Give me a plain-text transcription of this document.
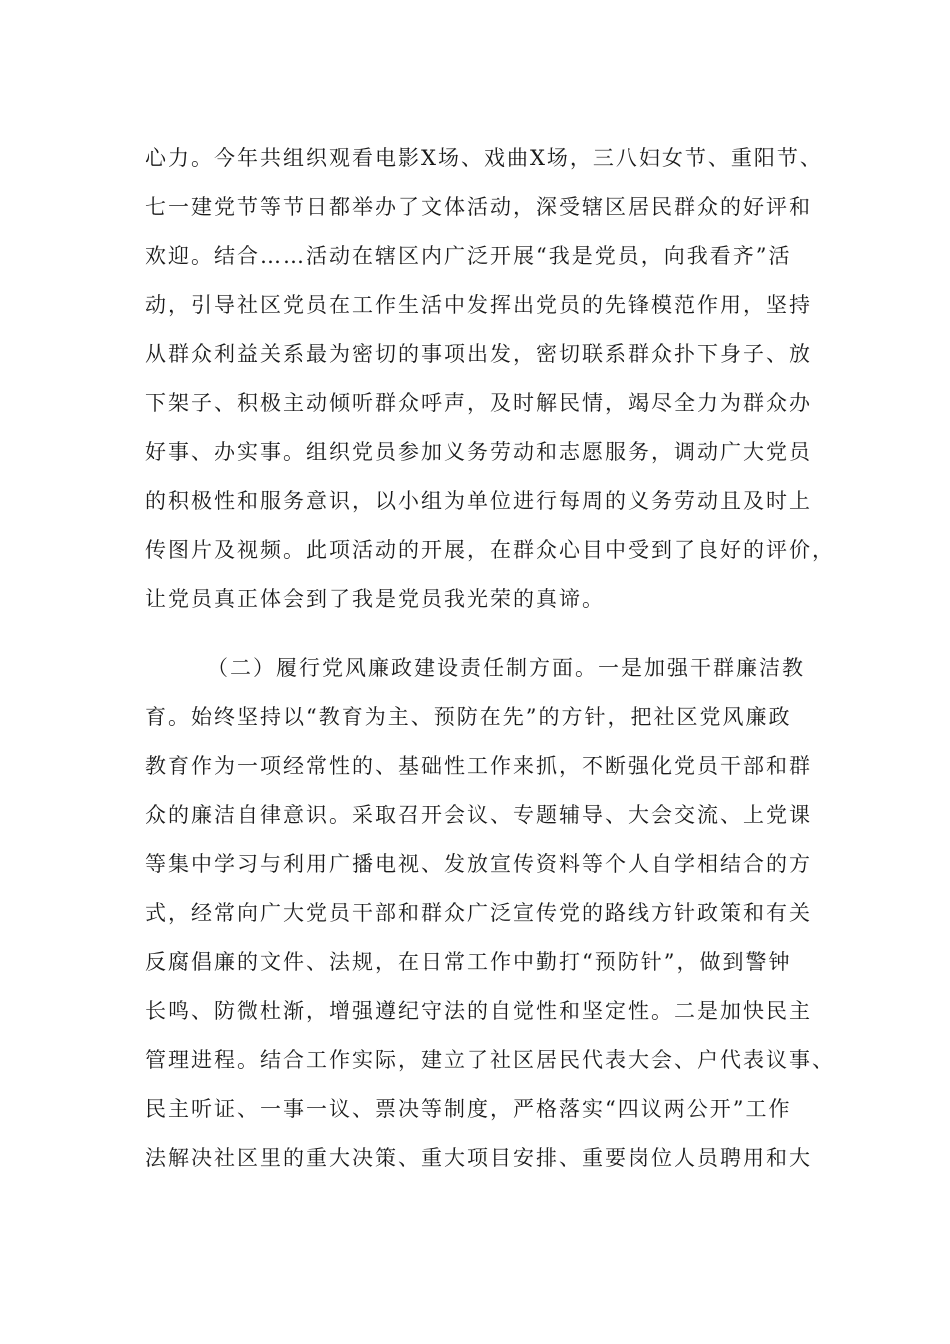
心力。今年共组织观看电影X场、戏曲X场，三八妇女节、重阳节、
七一建党节等节日都举办了文体活动，深受辖区居民群众的好评和
欢迎。结合……活动在辖区内广泛开展“我是党员，向我看齐”活
动，引导社区党员在工作生活中发挥出党员的先锋模范作用，坚持
从群众利益关系最为密切的事项出发，密切联系群众扑下身子、放
下架子、积极主动倾听群众呼声，及时解民情，竭尽全力为群众办
好事、办实事。组织党员参加义务劳动和志愿服务，调动广大党员
的积极性和服务意识，以小组为单位进行每周的义务劳动且及时上
传图片及视频。此项活动的开展，在群众心目中受到了良好的评价，
让党员真正体会到了我是党员我光荣的真谛。
（二）履行党风廉政建设责任制方面。一是加强干群廉洁教
育。始终坚持以“教育为主、预防在先”的方针，把社区党风廉政
教育作为一项经常性的、基础性工作来抓，不断强化党员干部和群
众的廉洁自律意识。采取召开会议、专题辅导、大会交流、上党课
等集中学习与利用广播电视、发放宣传资料等个人自学相结合的方
式，经常向广大党员干部和群众广泛宣传党的路线方针政策和有关
反腐倡廉的文件、法规，在日常工作中勤打“预防针”，做到警钟
长鸣、防微杜渐，增强遵纪守法的自觉性和坚定性。二是加快民主
管理进程。结合工作实际，建立了社区居民代表大会、户代表议事、
民主听证、一事一议、票决等制度，严格落实“四议两公开”工作
法解决社区里的重大决策、重大项目安排、重要岗位人员聘用和大
